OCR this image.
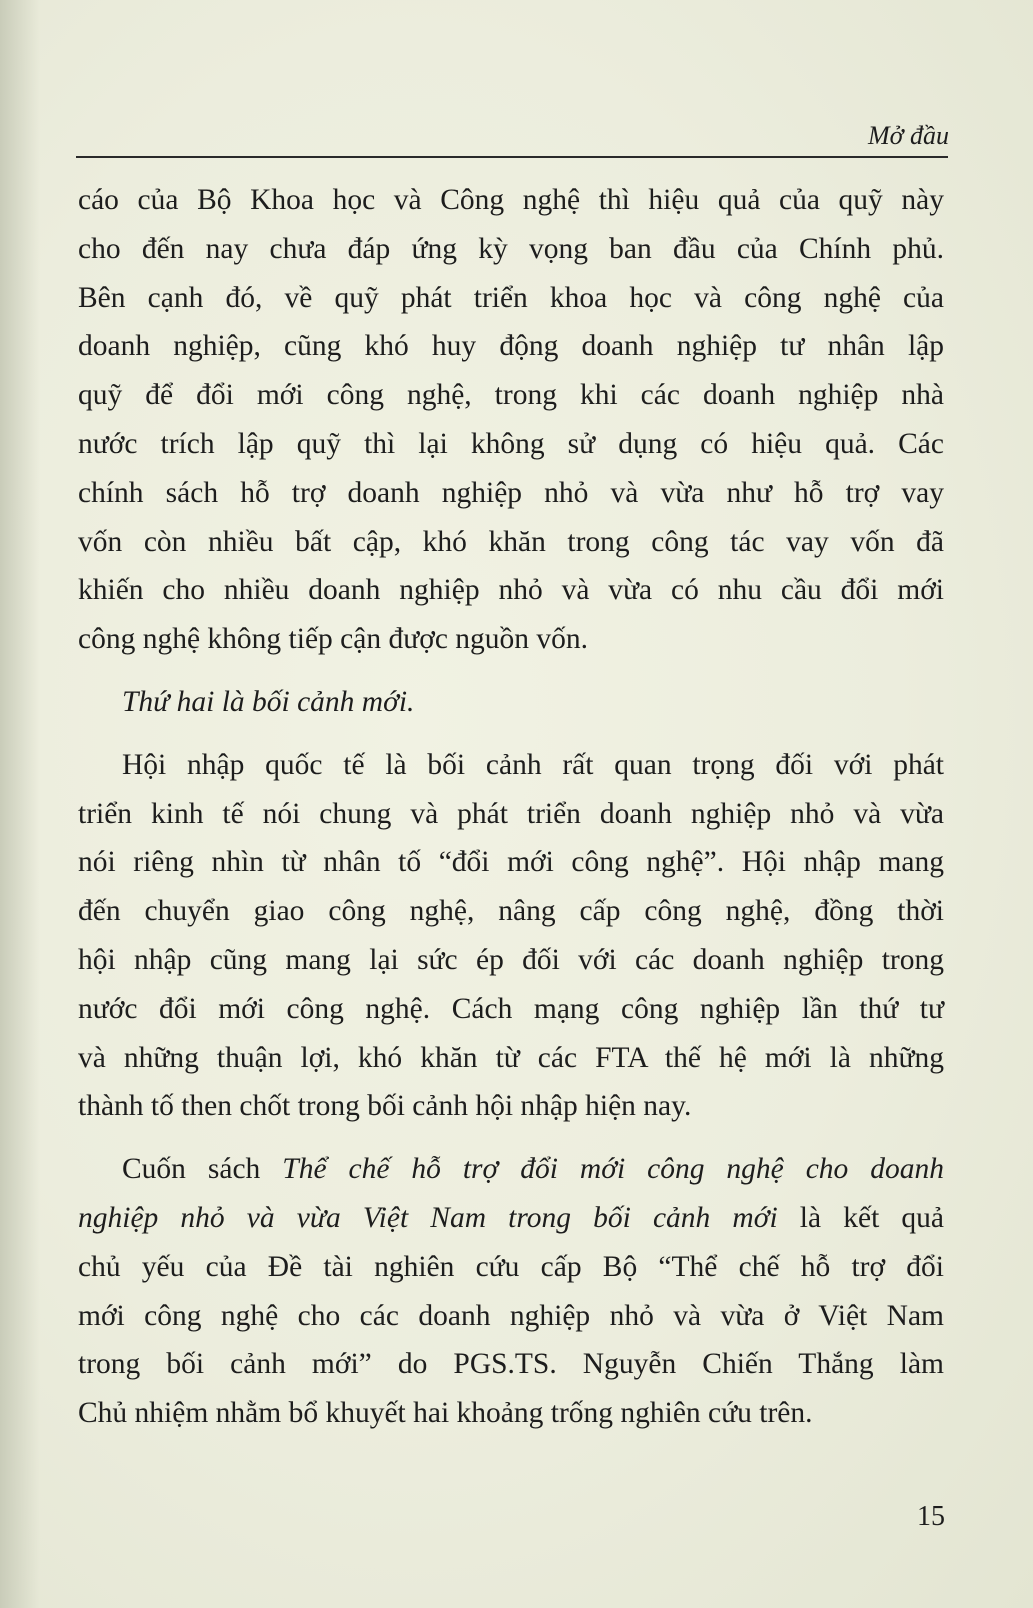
Mở đầu

cáo của Bộ Khoa học và Công nghệ thì hiệu quả của quỹ này
cho đến nay chưa đáp ứng kỳ vọng ban đầu của Chính phủ.
Bên cạnh đó, về quỹ phát triển khoa học và công nghệ của
doanh nghiệp, cũng khó huy động doanh nghiệp tư nhân lập
quỹ để đổi mới công nghệ, trong khi các doanh nghiệp nhà
nước trích lập quỹ thì lại không sử dụng có hiệu quả. Các
chính sách hỗ trợ doanh nghiệp nhỏ và vừa như hỗ trợ vay
vốn còn nhiều bất cập, khó khăn trong công tác vay vốn đã
khiến cho nhiều doanh nghiệp nhỏ và vừa có nhu cầu đổi mới
công nghệ không tiếp cận được nguồn vốn.

Thứ hai là bối cảnh mới.

Hội nhập quốc tế là bối cảnh rất quan trọng đối với phát
triển kinh tế nói chung và phát triển doanh nghiệp nhỏ và vừa
nói riêng nhìn từ nhân tố “đổi mới công nghệ”. Hội nhập mang
đến chuyển giao công nghệ, nâng cấp công nghệ, đồng thời
hội nhập cũng mang lại sức ép đối với các doanh nghiệp trong
nước đổi mới công nghệ. Cách mạng công nghiệp lần thứ tư
và những thuận lợi, khó khăn từ các FTA thế hệ mới là những
thành tố then chốt trong bối cảnh hội nhập hiện nay.

Cuốn sách Thể chế hỗ trợ đổi mới công nghệ cho doanh
nghiệp nhỏ và vừa Việt Nam trong bối cảnh mới là kết quả
chủ yếu của Đề tài nghiên cứu cấp Bộ “Thể chế hỗ trợ đổi
mới công nghệ cho các doanh nghiệp nhỏ và vừa ở Việt Nam
trong bối cảnh mới” do PGS.TS. Nguyễn Chiến Thắng làm
Chủ nhiệm nhằm bổ khuyết hai khoảng trống nghiên cứu trên.

15
